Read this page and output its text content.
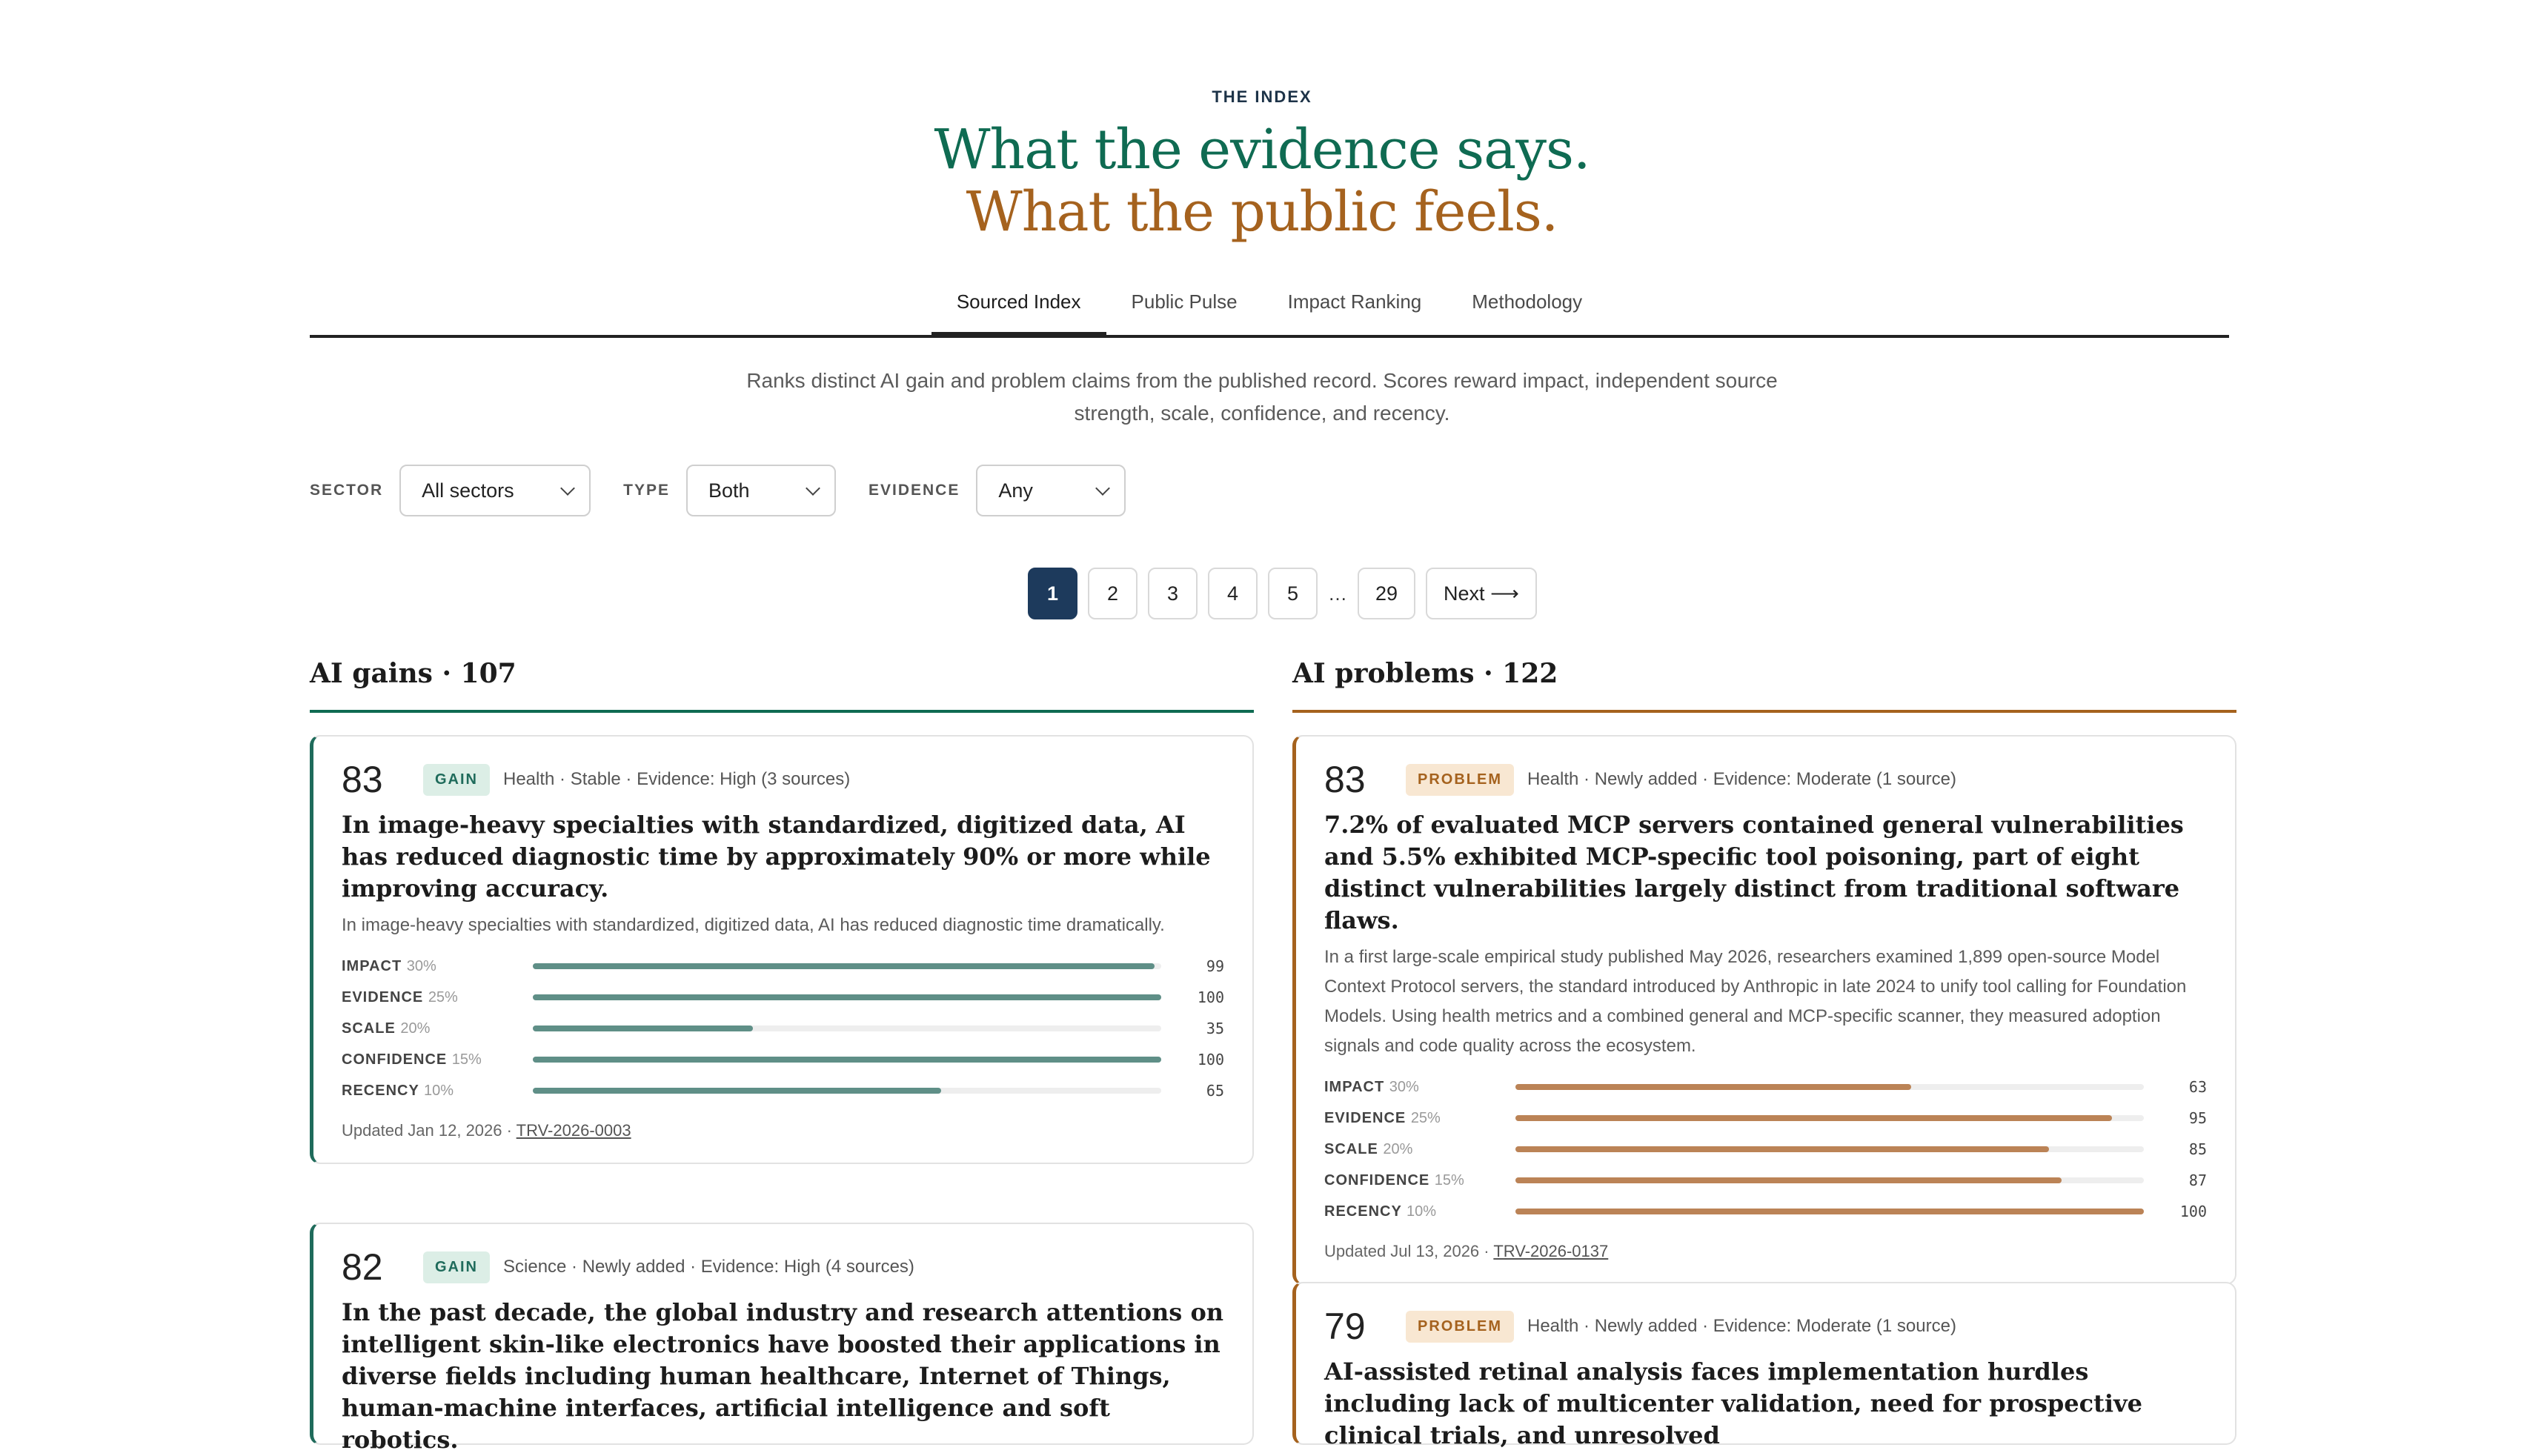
THE INDEX
What the evidence says.
What the public feels.
Sourced Index	Public Pulse	Impact Ranking	Methodology
Ranks distinct AI gain and problem claims from the published record. Scores reward impact, independent source strength, scale, confidence, and recency.
SECTOR All sectors	TYPE Both	EVIDENCE Any
1	2	3	4	5	…	29	Next ⟶
AI gains · 107	AI problems · 122
83	GAIN	Health · Stable · Evidence: High (3 sources)
In image-heavy specialties with standardized, digitized data, AI has reduced diagnostic time by approximately 90% or more while improving accuracy.
In image-heavy specialties with standardized, digitized data, AI has reduced diagnostic time dramatically.
IMPACT 30%	99
EVIDENCE 25%	100
SCALE 20%	35
CONFIDENCE 15%	100
RECENCY 10%	65
Updated Jan 12, 2026 · TRV-2026-0003
82	GAIN	Science · Newly added · Evidence: High (4 sources)
In the past decade, the global industry and research attentions on intelligent skin-like electronics have boosted their applications in diverse fields including human healthcare, Internet of Things, human-machine interfaces, artificial intelligence and soft robotics.
83	PROBLEM	Health · Newly added · Evidence: Moderate (1 source)
7.2% of evaluated MCP servers contained general vulnerabilities and 5.5% exhibited MCP-specific tool poisoning, part of eight distinct vulnerabilities largely distinct from traditional software flaws.
In a first large-scale empirical study published May 2026, researchers examined 1,899 open-source Model Context Protocol servers, the standard introduced by Anthropic in late 2024 to unify tool calling for Foundation Models. Using health metrics and a combined general and MCP-specific scanner, they measured adoption signals and code quality across the ecosystem.
IMPACT 30%	63
EVIDENCE 25%	95
SCALE 20%	85
CONFIDENCE 15%	87
RECENCY 10%	100
Updated Jul 13, 2026 · TRV-2026-0137
79	PROBLEM	Health · Newly added · Evidence: Moderate (1 source)
AI-assisted retinal analysis faces implementation hurdles including lack of multicenter validation, need for prospective clinical trials, and unresolved
